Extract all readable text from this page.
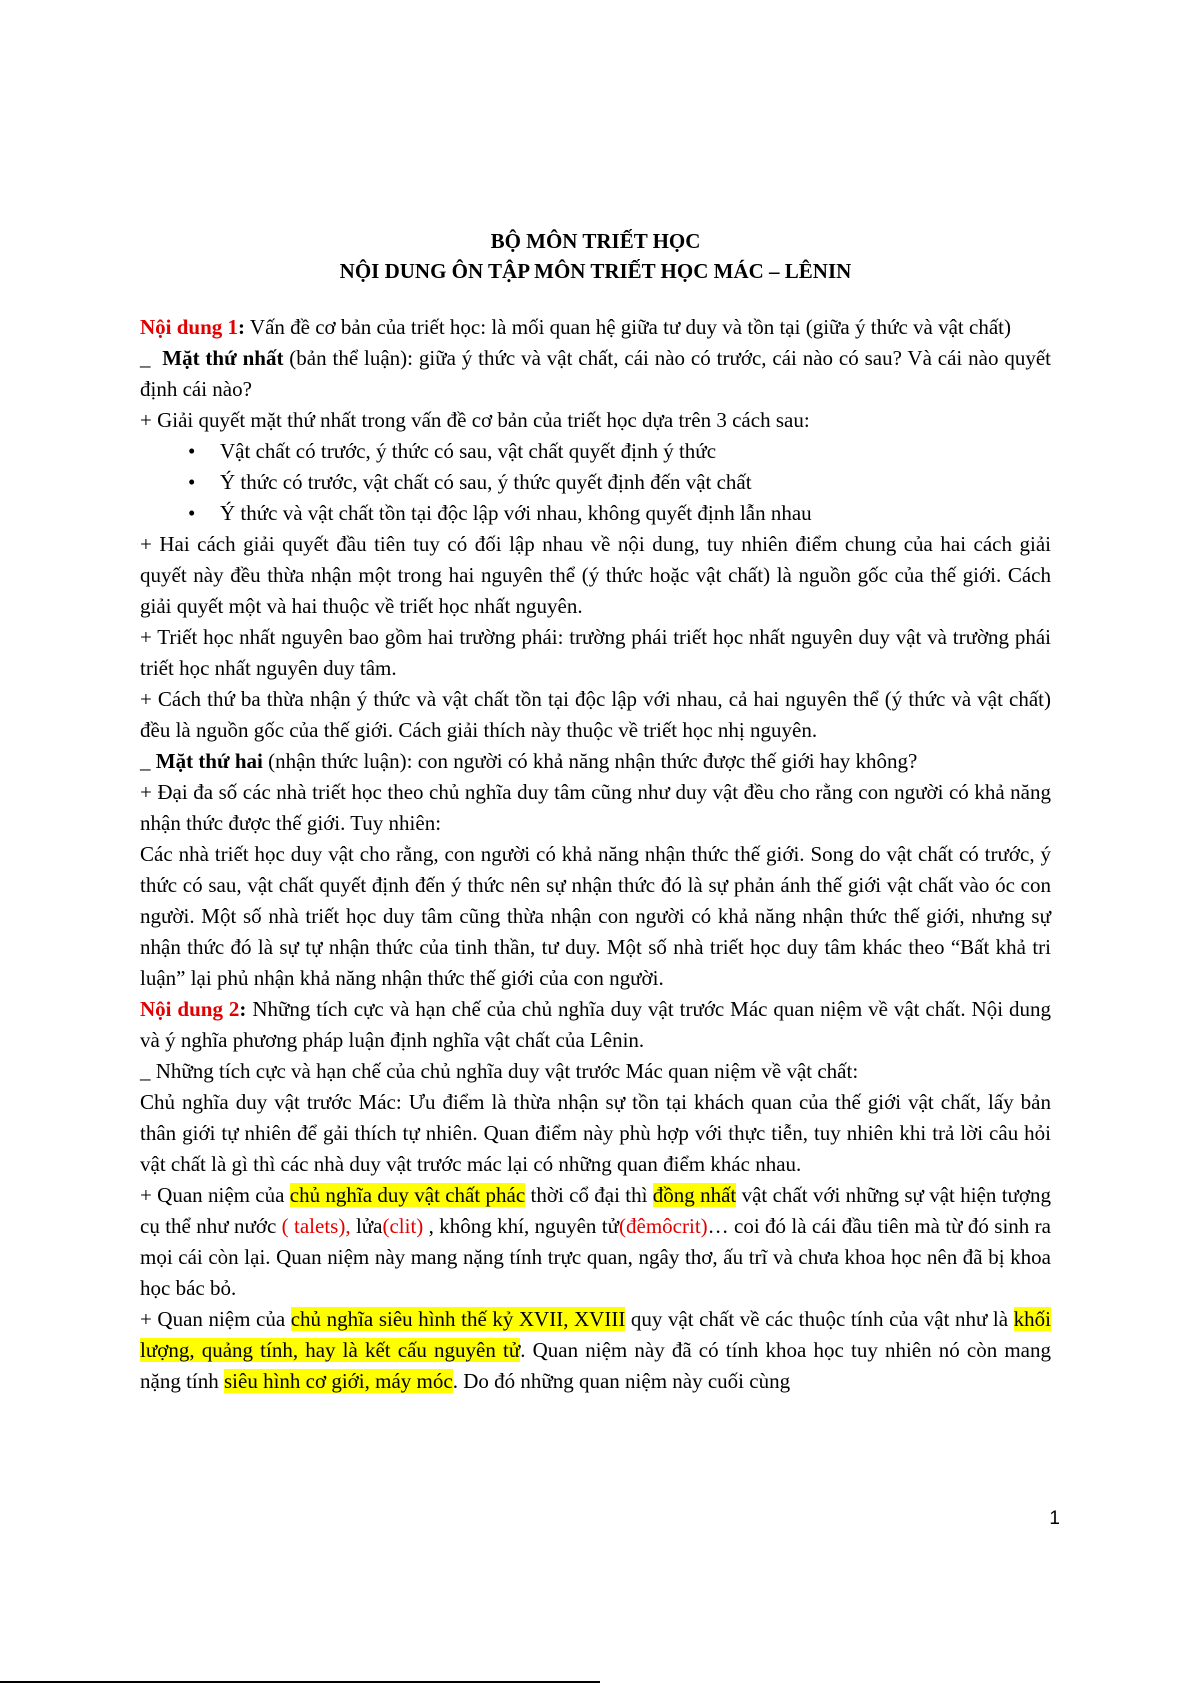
BỘ MÔN TRIẾT HỌC
NỘI DUNG ÔN TẬP MÔN TRIẾT HỌC MÁC – LÊNIN

Nội dung 1: Vấn đề cơ bản của triết học: là mối quan hệ giữa tư duy và tồn tại (giữa ý thức và vật chất)

_  Mặt thứ nhất (bản thể luận): giữa ý thức và vật chất, cái nào có trước, cái nào có sau? Và cái nào quyết định cái nào?

+ Giải quyết mặt thứ nhất trong vấn đề cơ bản của triết học dựa trên 3 cách sau:

• Vật chất có trước, ý thức có sau, vật chất quyết định ý thức
• Ý thức có trước, vật chất có sau, ý thức quyết định đến vật chất
• Ý thức và vật chất tồn tại độc lập với nhau, không quyết định lẫn nhau

+ Hai cách giải quyết đầu tiên tuy có đối lập nhau về nội dung, tuy nhiên điểm chung của hai cách giải quyết này đều thừa nhận một trong hai nguyên thể (ý thức hoặc vật chất) là nguồn gốc của thế giới. Cách giải quyết một và hai thuộc về triết học nhất nguyên.

+ Triết học nhất nguyên bao gồm hai trường phái: trường phái triết học nhất nguyên duy vật và trường phái triết học nhất nguyên duy tâm.

+ Cách thứ ba thừa nhận ý thức và vật chất tồn tại độc lập với nhau, cả hai nguyên thể (ý thức và vật chất) đều là nguồn gốc của thế giới. Cách giải thích này thuộc về triết học nhị nguyên.

_ Mặt thứ hai (nhận thức luận): con người có khả năng nhận thức được thế giới hay không?

+ Đại đa số các nhà triết học theo chủ nghĩa duy tâm cũng như duy vật đều cho rằng con người có khả năng nhận thức được thế giới. Tuy nhiên:

Các nhà triết học duy vật cho rằng, con người có khả năng nhận thức thế giới. Song do vật chất có trước, ý thức có sau, vật chất quyết định đến ý thức nên sự nhận thức đó là sự phản ánh thế giới vật chất vào óc con người. Một số nhà triết học duy tâm cũng thừa nhận con người có khả năng nhận thức thế giới, nhưng sự nhận thức đó là sự tự nhận thức của tinh thần, tư duy. Một số nhà triết học duy tâm khác theo “Bất khả tri luận” lại phủ nhận khả năng nhận thức thế giới của con người.

Nội dung 2: Những tích cực và hạn chế của chủ nghĩa duy vật trước Mác quan niệm về vật chất. Nội dung và ý nghĩa phương pháp luận định nghĩa vật chất của Lênin.

_ Những tích cực và hạn chế của chủ nghĩa duy vật trước Mác quan niệm về vật chất:

Chủ nghĩa duy vật trước Mác: Ưu điểm là thừa nhận sự tồn tại khách quan của thế giới vật chất, lấy bản thân giới tự nhiên để gải thích tự nhiên. Quan điểm này phù hợp với thực tiễn, tuy nhiên khi trả lời câu hỏi vật chất là gì thì các nhà duy vật trước mác lại có những quan điểm khác nhau.

+ Quan niệm của chủ nghĩa duy vật chất phác thời cổ đại thì đồng nhất vật chất với những sự vật hiện tượng cụ thể như nước ( talets), lửa(clit) , không khí, nguyên tử(đêmôcrit)… coi đó là cái đầu tiên mà từ đó sinh ra mọi cái còn lại. Quan niệm này mang nặng tính trực quan, ngây thơ, ấu trĩ và chưa khoa học nên đã bị khoa học bác bỏ.

+ Quan niệm của chủ nghĩa siêu hình thế kỷ XVII, XVIII quy vật chất về các thuộc tính của vật như là khối lượng, quảng tính, hay là kết cấu nguyên tử. Quan niệm này đã có tính khoa học tuy nhiên nó còn mang nặng tính siêu hình cơ giới, máy móc. Do đó những quan niệm này cuối cùng

1
